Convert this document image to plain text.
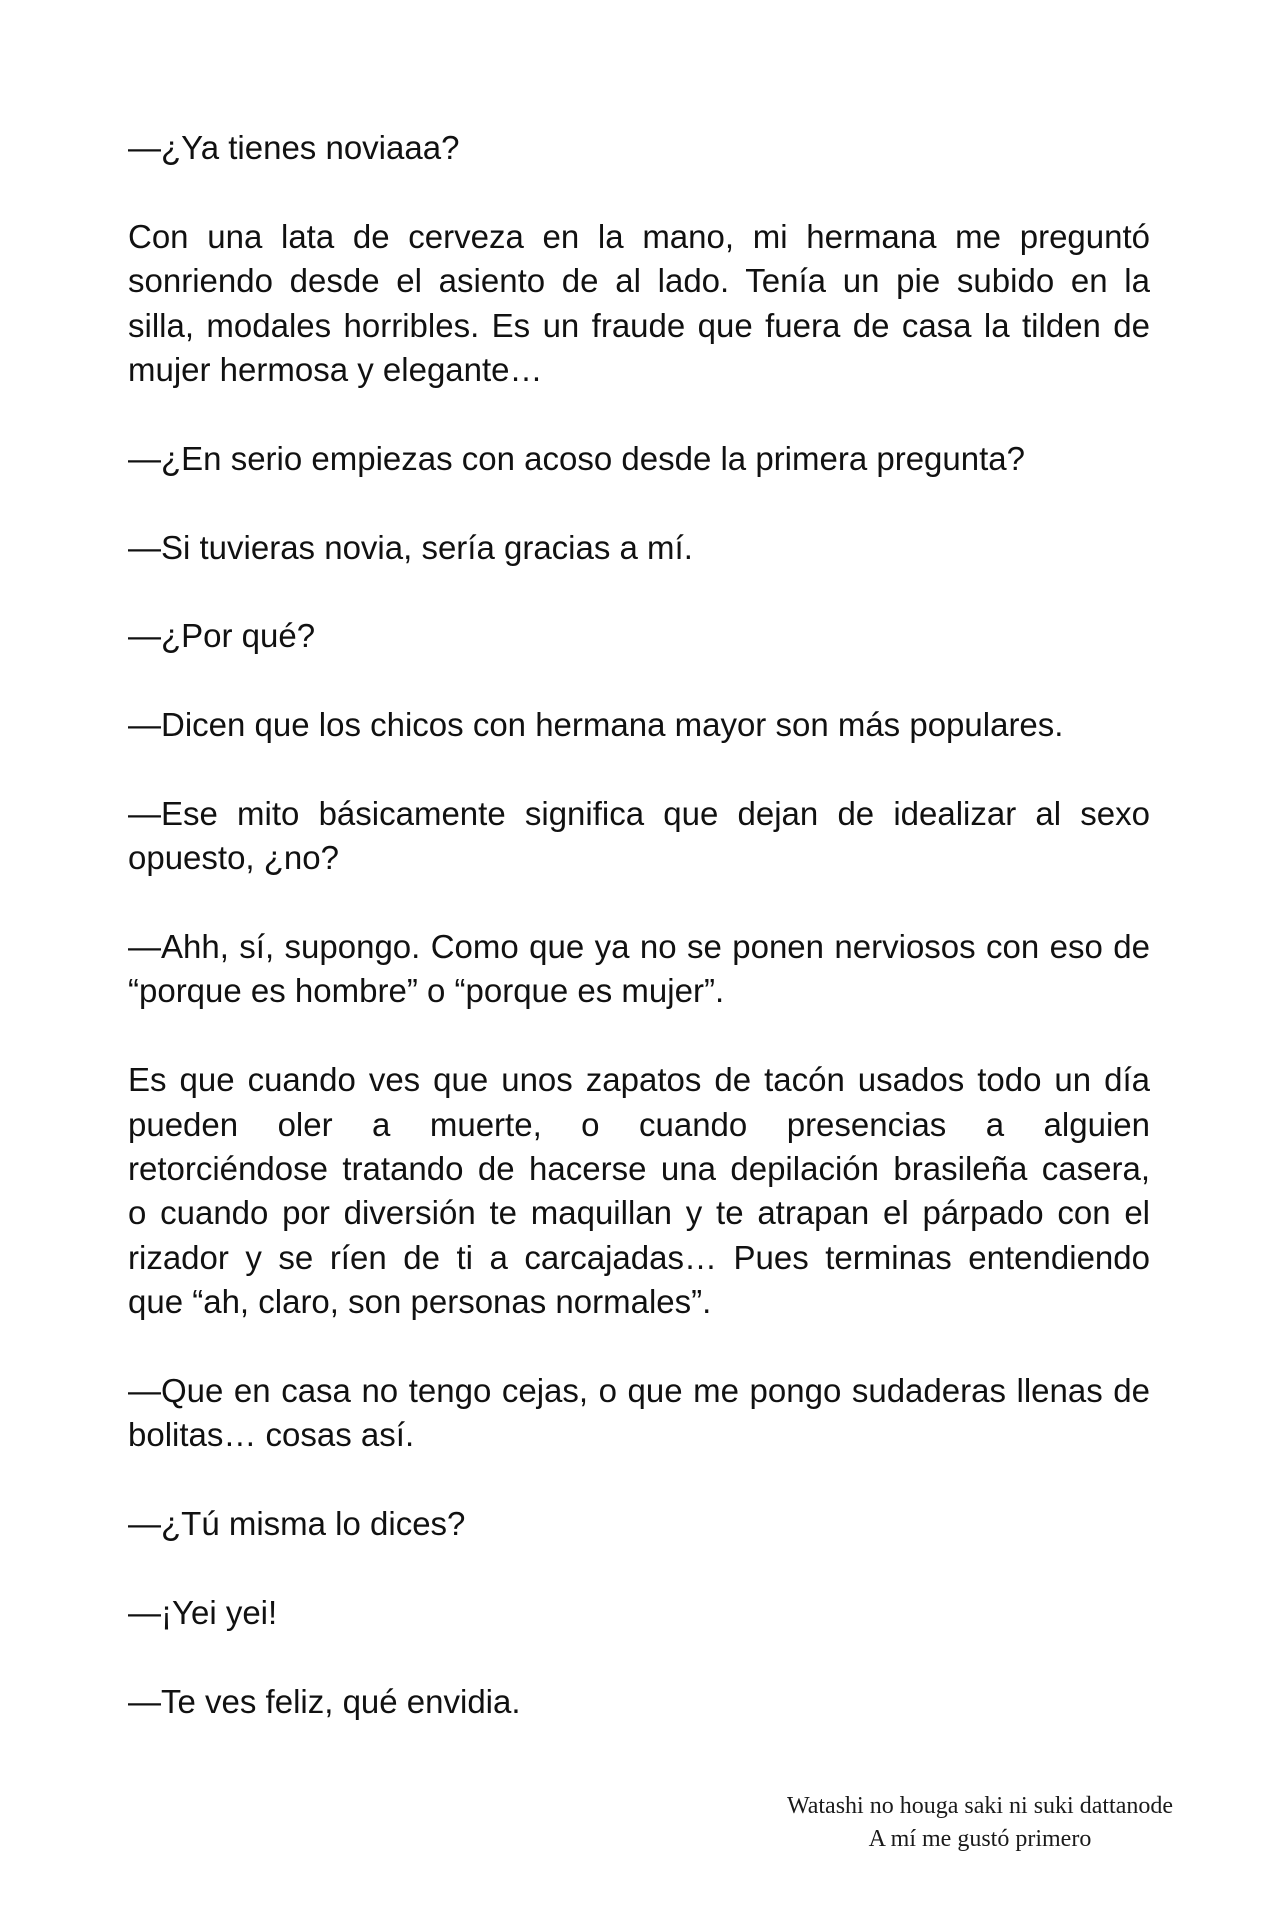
—¿Ya tienes noviaaa?

Con una lata de cerveza en la mano, mi hermana me preguntó
sonriendo desde el asiento de al lado. Tenía un pie subido en la
silla, modales horribles. Es un fraude que fuera de casa la tilden de
mujer hermosa y elegante…

—¿En serio empiezas con acoso desde la primera pregunta?

—Si tuvieras novia, sería gracias a mí.

—¿Por qué?

—Dicen que los chicos con hermana mayor son más populares.

—Ese mito básicamente significa que dejan de idealizar al sexo
opuesto, ¿no?

—Ahh, sí, supongo. Como que ya no se ponen nerviosos con eso de
“porque es hombre” o “porque es mujer”.

Es que cuando ves que unos zapatos de tacón usados todo un día
pueden oler a muerte, o cuando presencias a alguien
retorciéndose tratando de hacerse una depilación brasileña casera,
o cuando por diversión te maquillan y te atrapan el párpado con el
rizador y se ríen de ti a carcajadas… Pues terminas entendiendo
que “ah, claro, son personas normales”.

—Que en casa no tengo cejas, o que me pongo sudaderas llenas de
bolitas… cosas así.

—¿Tú misma lo dices?

—¡Yei yei!

—Te ves feliz, qué envidia.

Watashi no houga saki ni suki dattanode
A mí me gustó primero
